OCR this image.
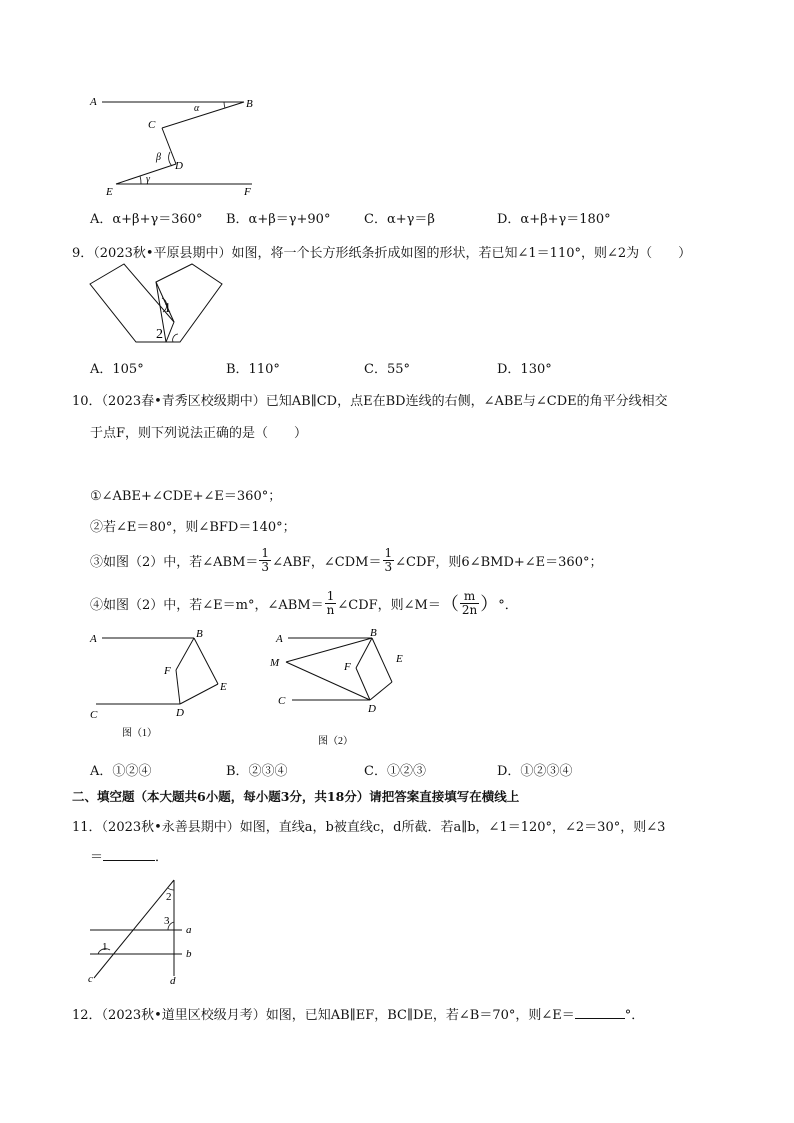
A	B
C
D
E	F
α
β
γ
A．α+β+γ＝360° B．α+β＝γ+90°	C．α+γ＝β	D．α+β+γ＝180°
9．（2023秋•平原县期中）如图，将一个长方形纸条折成如图的形状，若已知∠1＝110°，则∠2为（　　）
1
2
A．105°	B．110°	C．55°	D．130°
10．（2023春•青秀区校级期中）已知AB∥CD，点E在BD连线的右侧，∠ABE与∠CDE的角平分线相交
于点F，则下列说法正确的是（　　）
①∠ABE+∠CDE+∠E＝360°；
②若∠E＝80°，则∠BFD＝140°；
③如图（2）中，若∠ABM＝ $\frac{1}{3}$ ∠ABF，∠CDM＝ $\frac{1}{3}$ ∠CDF，则6∠BMD+∠E＝360°；
④如图（2）中，若∠E＝m°，∠ABM＝ $\frac{1}{n}$ ∠CDF，则∠M＝ （ $\frac{m}{2n}$ ） °．
A	B
F
E
C	D
图（1）
A	B
M	F
E
C
D
图（2）
A．①②④	B．②③④	C．①②③	D．①②③④
二、填空题（本大题共6小题，每小题3分，共18分）请把答案直接填写在横线上
11．（2023秋•永善县期中）如图，直线a，b被直线c，d所截．若a∥b，∠1＝120°，∠2＝30°，则∠3
＝	．
2
3
1
a
b
c	d
12．（2023秋•道里区校级月考）如图，已知AB∥EF，BC∥DE，若∠B＝70°，则∠E＝	°．
